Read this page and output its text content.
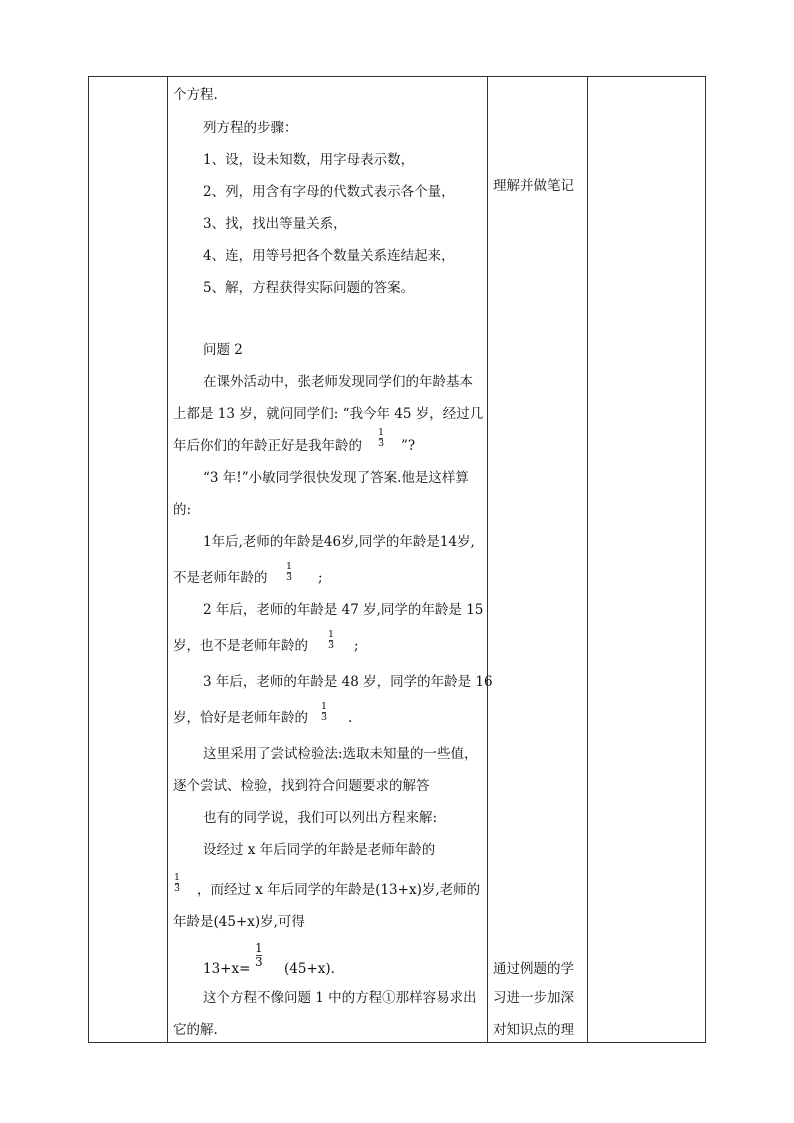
个方程.
列方程的步骤：
1、设，设未知数，用字母表示数，
2、列，用含有字母的代数式表示各个量，
3、找，找出等量关系，
4、连，用等号把各个数量关系连结起来，
5、解，方程获得实际问题的答案。
问题 2
在课外活动中，张老师发现同学们的年龄基本
上都是 13 岁，就问同学们: “我今年 45 岁，经过几
年后你们的年龄正好是我年龄的
1
3 ”?
“3 年!”小敏同学很快发现了答案.他是这样算
的:
1年后,老师的年龄是46岁,同学的年龄是14岁,
不是老师年龄的
1
3 ;
2 年后，老师的年龄是 47 岁,同学的年龄是 15
岁，也不是老师年龄的
1
3 ;
3 年后，老师的年龄是 48 岁，同学的年龄是 16
岁，恰好是老师年龄的
1
3 .
这里采用了尝试检验法:选取未知量的一些值，
逐个尝试、检验，找到符合问题要求的解答
也有的同学说，我们可以列出方程来解:
设经过 x 年后同学的年龄是老师年龄的
1
3 ，而经过 x 年后同学的年龄是(13+x)岁,老师的
年龄是(45+x)岁,可得
13+x=
1
3 (45+x).
这个方程不像问题 1 中的方程①那样容易求出
它的解.
理解并做笔记
通过例题的学
习进一步加深
对知识点的理
